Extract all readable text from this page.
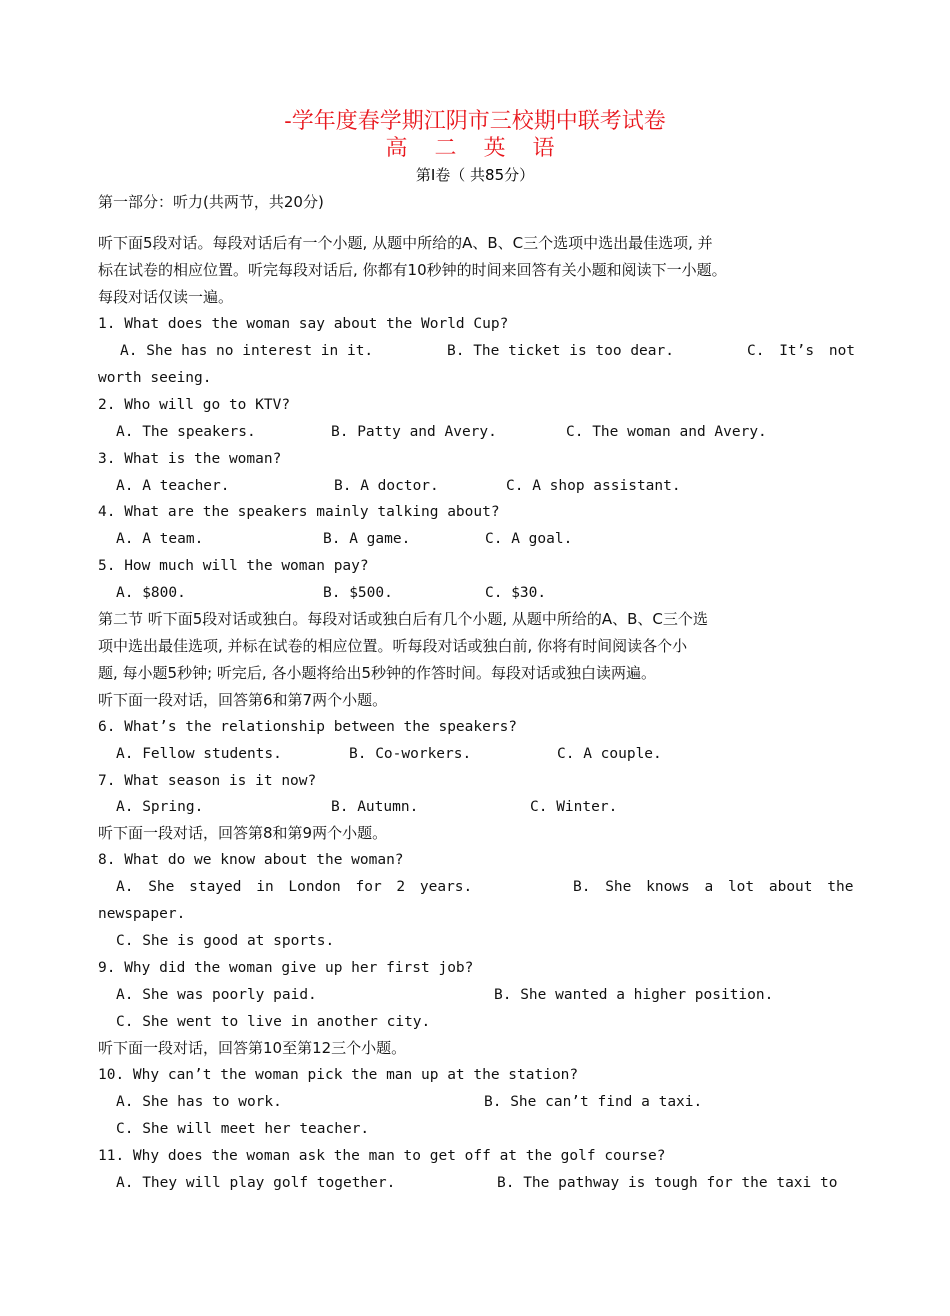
-学年度春学期江阴市三校期中联考试卷
高 二 英 语
第Ⅰ卷（ 共85分）
第一部分：听力(共两节，共20分)
听下面5段对话。每段对话后有一个小题, 从题中所给的A、B、C三个选项中选出最佳选项, 并
标在试卷的相应位置。听完每段对话后, 你都有10秒钟的时间来回答有关小题和阅读下一小题。
每段对话仅读一遍。
1. What does the woman say about the World Cup?
A. She has no interest in it.	B. The ticket is too dear.	C. It’s not
worth seeing.
2. Who will go to KTV?
A. The speakers.	B. Patty and Avery.	C. The woman and Avery.
3. What is the woman?
A. A teacher.	B. A doctor.	C. A shop assistant.
4. What are the speakers mainly talking about?
A. A team.	B. A game.	C. A goal.
5. How much will the woman pay?
A. $800.	B. $500.	C. $30.
第二节 听下面5段对话或独白。每段对话或独白后有几个小题, 从题中所给的A、B、C三个选
项中选出最佳选项, 并标在试卷的相应位置。听每段对话或独白前, 你将有时间阅读各个小
题, 每小题5秒钟; 听完后, 各小题将给出5秒钟的作答时间。每段对话或独白读两遍。
听下面一段对话，回答第6和第7两个小题。
6. What’s the relationship between the speakers?
A. Fellow students.	B. Co-workers.	C. A couple.
7. What season is it now?
A. Spring.	B. Autumn.	C. Winter.
听下面一段对话，回答第8和第9两个小题。
8. What do we know about the woman?
A. She stayed in London for 2 years.	B. She knows a lot about the
newspaper.
C. She is good at sports.
9. Why did the woman give up her first job?
A. She was poorly paid.	B. She wanted a higher position.
C. She went to live in another city.
听下面一段对话，回答第10至第12三个小题。
10. Why can’t the woman pick the man up at the station?
A. She has to work.	B. She can’t find a taxi.
C. She will meet her teacher.
11. Why does the woman ask the man to get off at the golf course?
A. They will play golf together.	B. The pathway is tough for the taxi to
